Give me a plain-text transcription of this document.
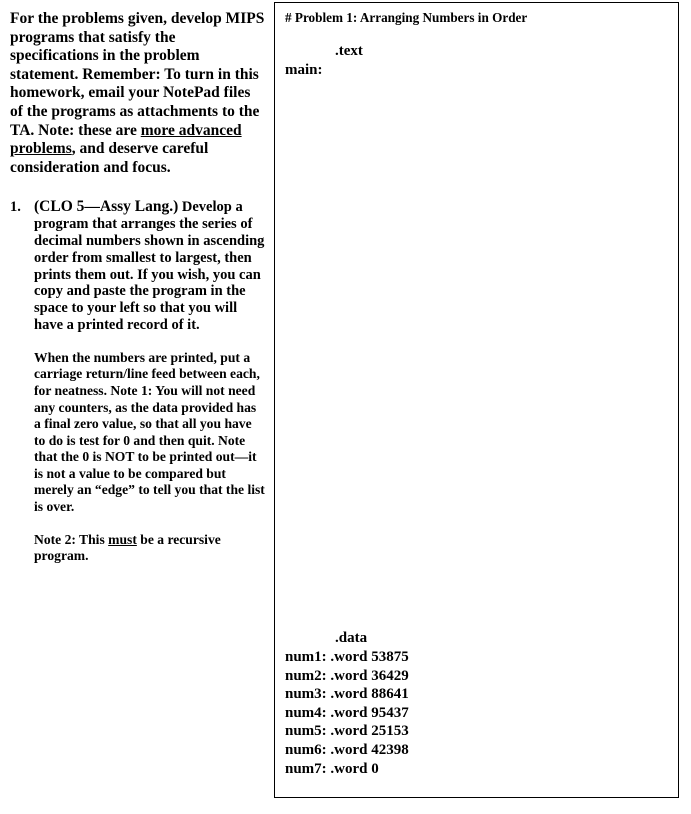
For the problems given, develop MIPS programs that satisfy the specifications in the problem statement. Remember: To turn in this homework, email your NotePad files of the programs as attachments to the TA. Note: these are more advanced problems, and deserve careful consideration and focus.

1. (CLO 5—Assy Lang.) Develop a program that arranges the series of decimal numbers shown in ascending order from smallest to largest, then prints them out. If you wish, you can copy and paste the program in the space to your left so that you will have a printed record of it.

When the numbers are printed, put a carriage return/line feed between each, for neatness. Note 1: You will not need any counters, as the data provided has a final zero value, so that all you have to do is test for 0 and then quit. Note that the 0 is NOT to be printed out—it is not a value to be compared but merely an “edge” to tell you that the list is over.

Note 2: This must be a recursive program.

# Problem 1: Arranging Numbers in Order

.text

main:

.data

num1: .word 53875
num2: .word 36429
num3: .word 88641
num4: .word 95437
num5: .word 25153
num6: .word 42398
num7: .word 0
